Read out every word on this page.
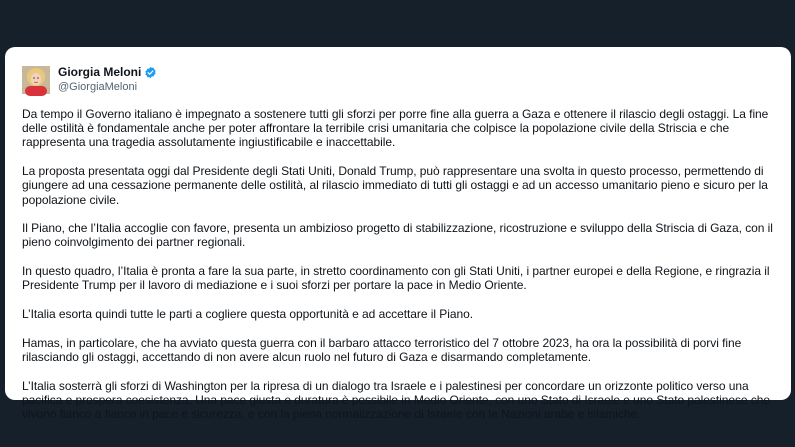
Giorgia Meloni
@GiorgiaMeloni

Da tempo il Governo italiano è impegnato a sostenere tutti gli sforzi per porre fine alla guerra a Gaza e ottenere il rilascio degli ostaggi. La fine delle ostilità è fondamentale anche per poter affrontare la terribile crisi umanitaria che colpisce la popolazione civile della Striscia e che rappresenta una tragedia assolutamente ingiustificabile e inaccettabile.

La proposta presentata oggi dal Presidente degli Stati Uniti, Donald Trump, può rappresentare una svolta in questo processo, permettendo di giungere ad una cessazione permanente delle ostilità, al rilascio immediato di tutti gli ostaggi e ad un accesso umanitario pieno e sicuro per la popolazione civile.

Il Piano, che l’Italia accoglie con favore, presenta un ambizioso progetto di stabilizzazione, ricostruzione e sviluppo della Striscia di Gaza, con il pieno coinvolgimento dei partner regionali.

In questo quadro, l’Italia è pronta a fare la sua parte, in stretto coordinamento con gli Stati Uniti, i partner europei e della Regione, e ringrazia il Presidente Trump per il lavoro di mediazione e i suoi sforzi per portare la pace in Medio Oriente.

L’Italia esorta quindi tutte le parti a cogliere questa opportunità e ad accettare il Piano.

Hamas, in particolare, che ha avviato questa guerra con il barbaro attacco terroristico del 7 ottobre 2023, ha ora la possibilità di porvi fine rilasciando gli ostaggi, accettando di non avere alcun ruolo nel futuro di Gaza e disarmando completamente.

L’Italia sosterrà gli sforzi di Washington per la ripresa di un dialogo tra Israele e i palestinesi per concordare un orizzonte politico verso una pacifica e prospera coesistenza. Una pace giusta e duratura è possibile in Medio Oriente, con uno Stato di Israele e uno Stato palestinese che vivono fianco a fianco in pace e sicurezza, e con la piena normalizzazione di Israele con le Nazioni arabe e islamiche.
